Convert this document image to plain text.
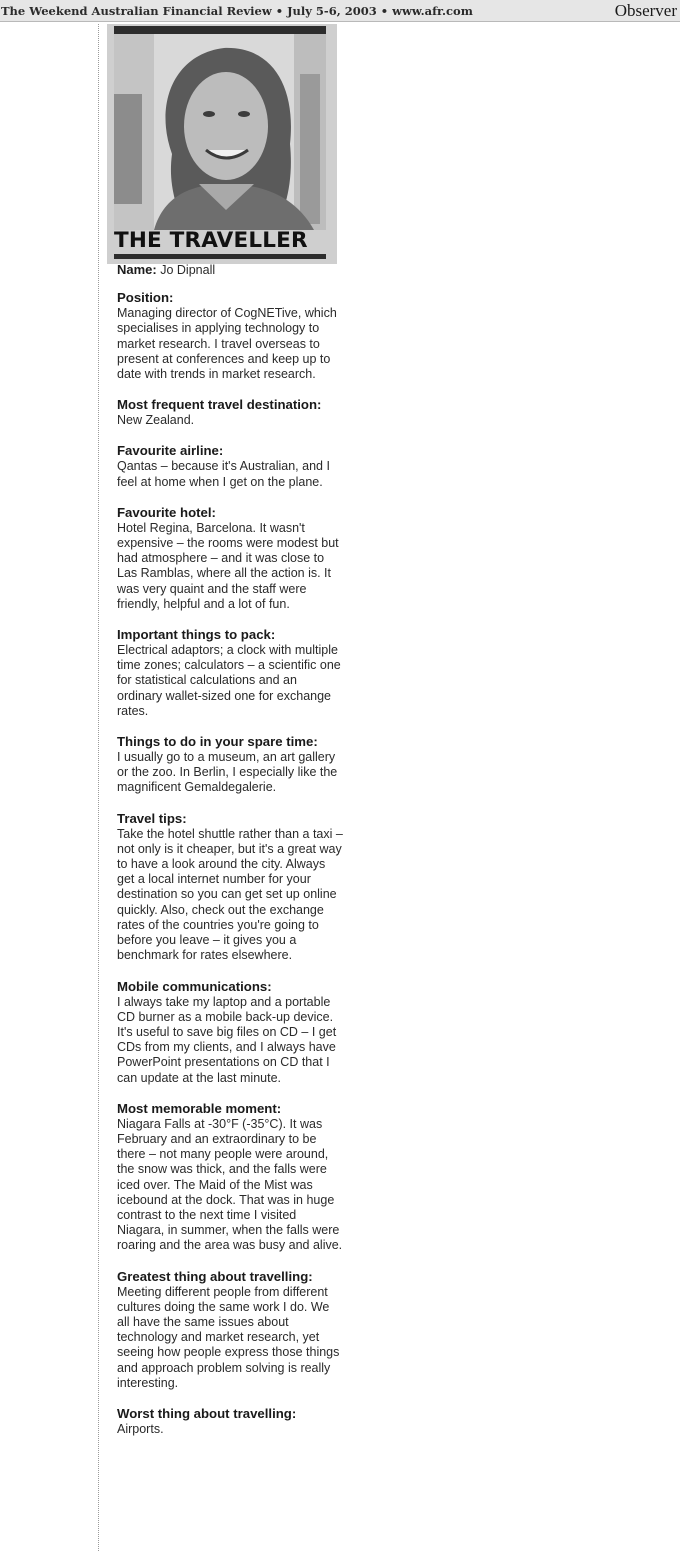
The Weekend Australian Financial Review • July 5-6, 2003 • www.afr.com	Observer
THE TRAVELLER
Name: Jo Dipnall
Position:

Managing director of CogNETive, which specialises in applying technology to market research. I travel overseas to present at conferences and keep up to date with trends in market research.

Most frequent travel destination:

New Zealand.

Favourite airline:

Qantas – because it's Australian, and I feel at home when I get on the plane.

Favourite hotel:

Hotel Regina, Barcelona. It wasn't expensive – the rooms were modest but had atmosphere – and it was close to Las Ramblas, where all the action is. It was very quaint and the staff were friendly, helpful and a lot of fun.

Important things to pack:

Electrical adaptors; a clock with multiple time zones; calculators – a scientific one for statistical calculations and an ordinary wallet-sized one for exchange rates.

Things to do in your spare time:

I usually go to a museum, an art gallery or the zoo. In Berlin, I especially like the magnificent Gemaldegalerie.

Travel tips:

Take the hotel shuttle rather than a taxi – not only is it cheaper, but it's a great way to have a look around the city. Always get a local internet number for your destination so you can get set up online quickly. Also, check out the exchange rates of the countries you're going to before you leave – it gives you a benchmark for rates elsewhere.

Mobile communications:

I always take my laptop and a portable CD burner as a mobile back-up device. It's useful to save big files on CD – I get CDs from my clients, and I always have PowerPoint presentations on CD that I can update at the last minute.

Most memorable moment:

Niagara Falls at -30°F (-35°C). It was February and an extraordinary to be there – not many people were around, the snow was thick, and the falls were iced over. The Maid of the Mist was icebound at the dock. That was in huge contrast to the next time I visited Niagara, in summer, when the falls were roaring and the area was busy and alive.

Greatest thing about travelling:

Meeting different people from different cultures doing the same work I do. We all have the same issues about technology and market research, yet seeing how people express those things and approach problem solving is really interesting.

Worst thing about travelling:

Airports.
